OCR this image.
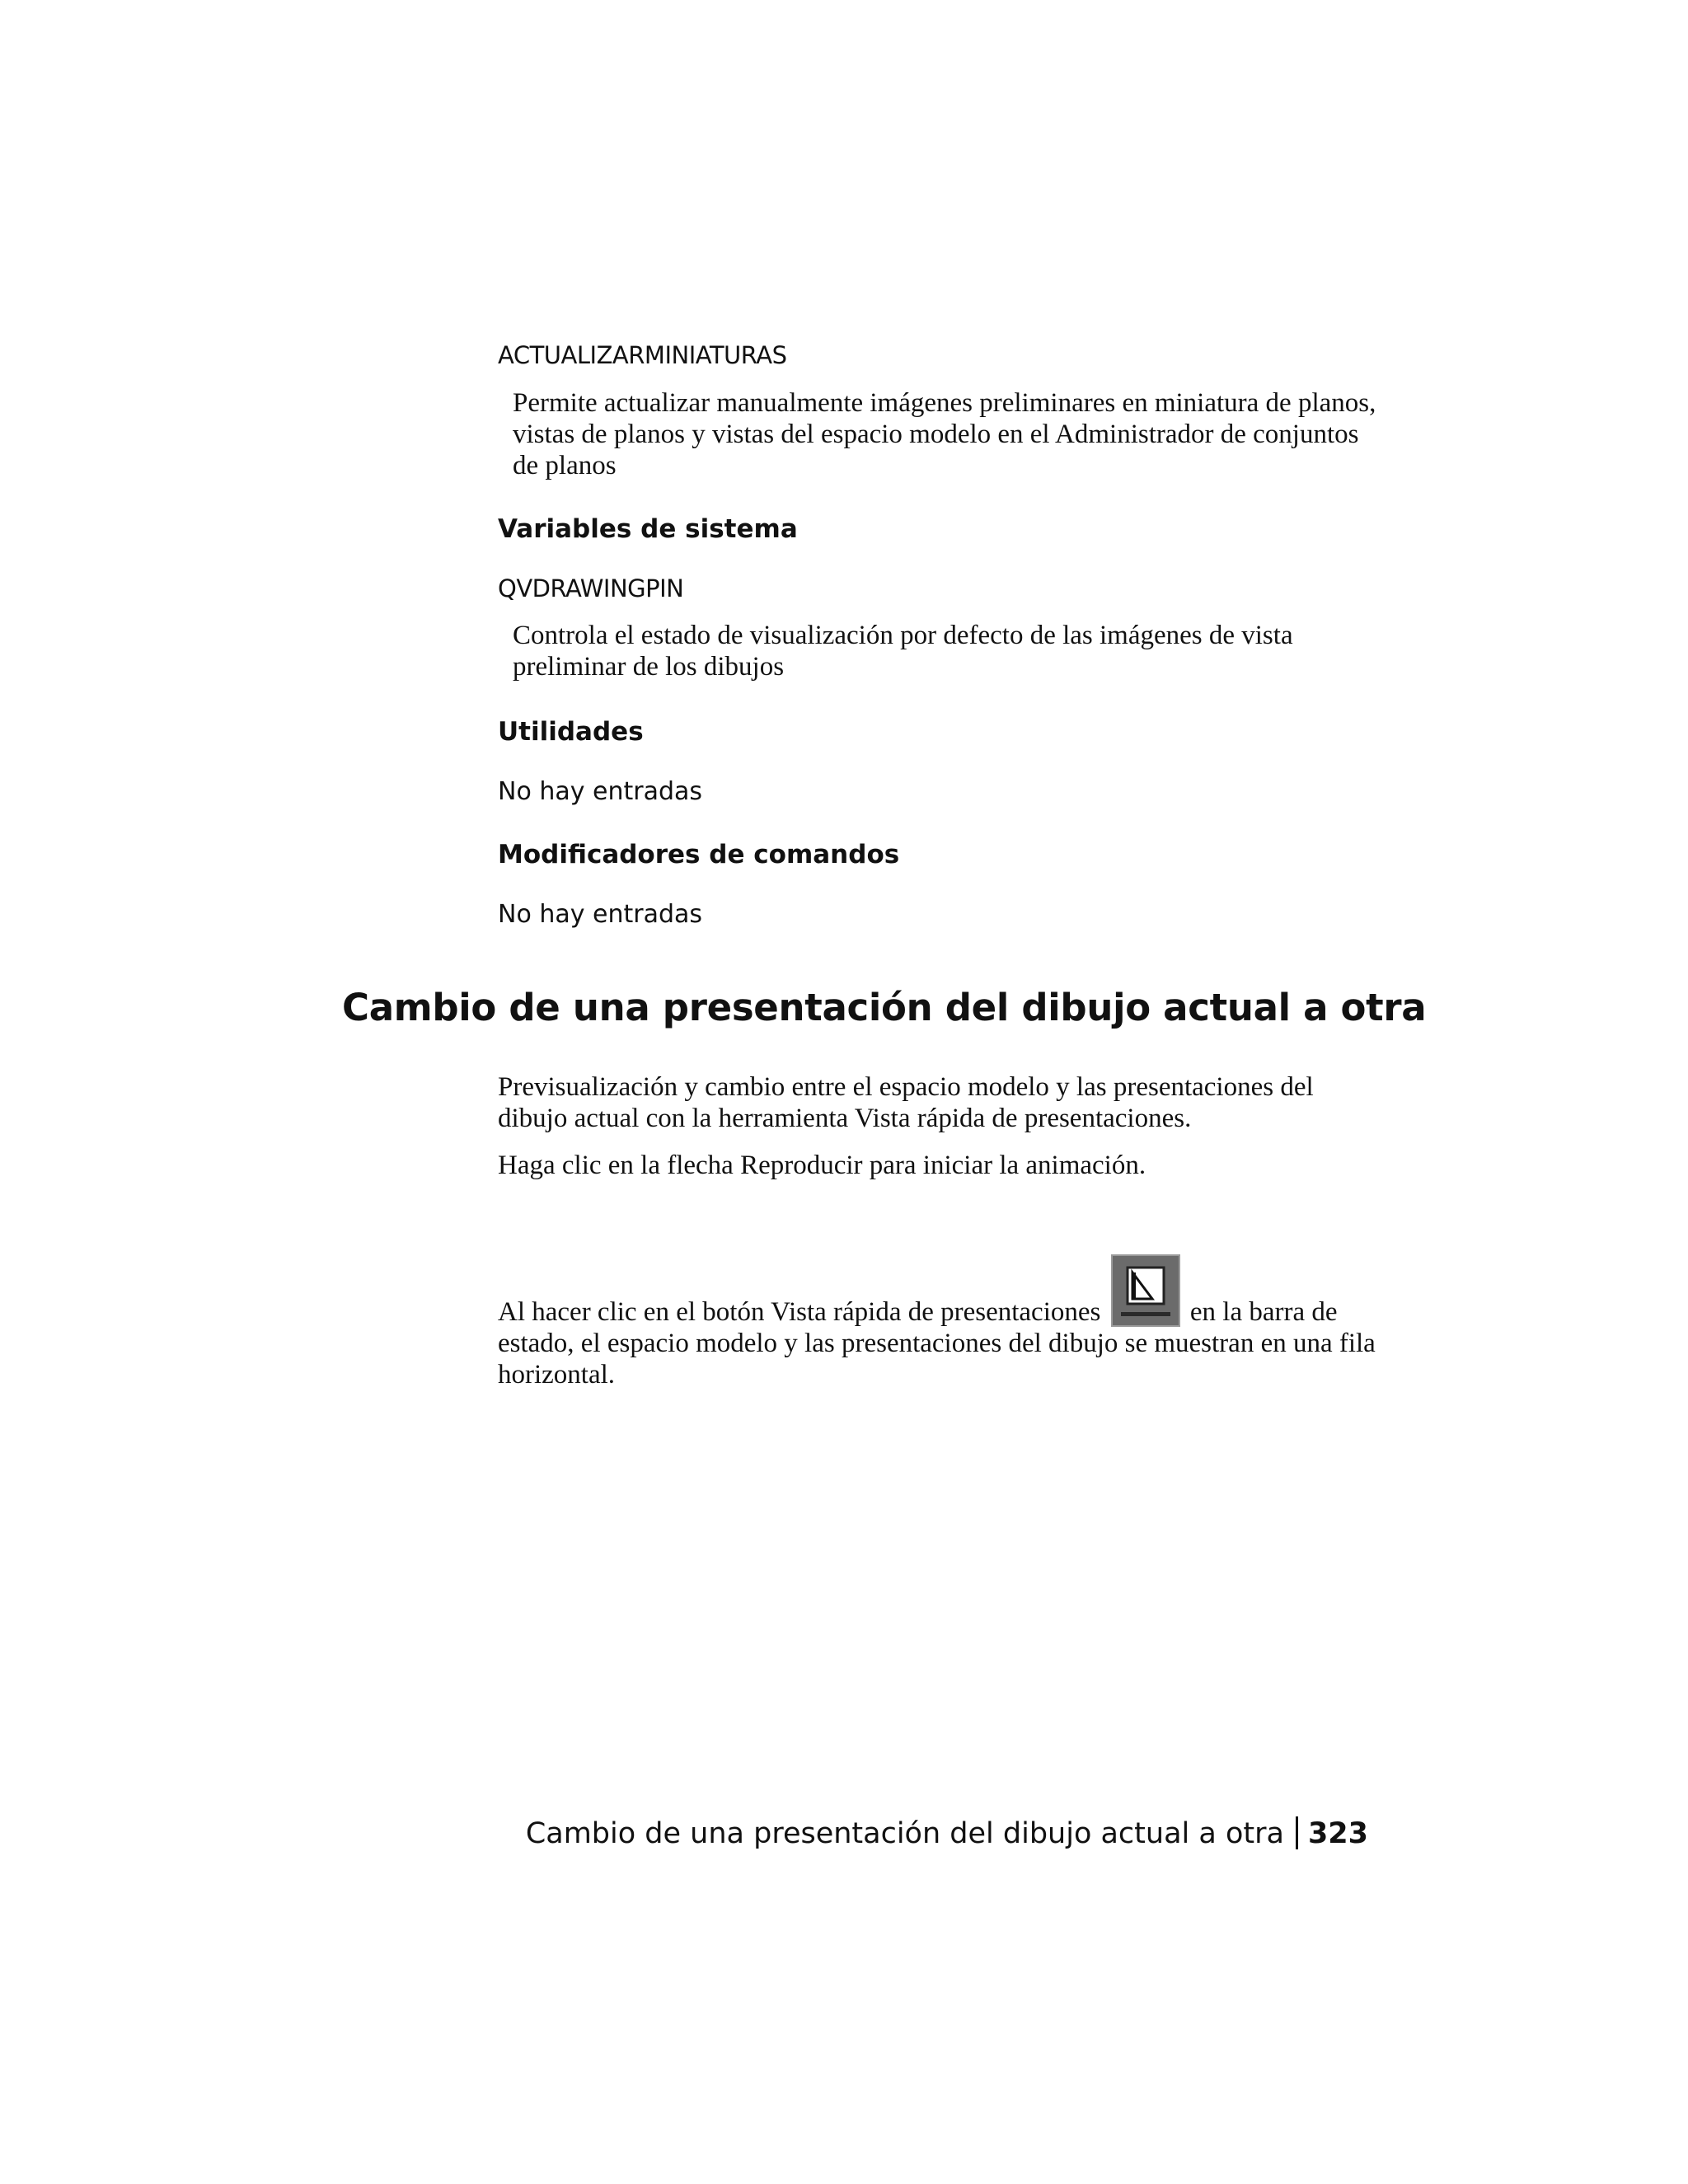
ACTUALIZARMINIATURAS
Permite actualizar manualmente imágenes preliminares en miniatura de planos, vistas de planos y vistas del espacio modelo en el Administrador de conjuntos de planos
Variables de sistema
QVDRAWINGPIN
Controla el estado de visualización por defecto de las imágenes de vista preliminar de los dibujos
Utilidades
No hay entradas
Modificadores de comandos
No hay entradas
Cambio de una presentación del dibujo actual a otra
Previsualización y cambio entre el espacio modelo y las presentaciones del dibujo actual con la herramienta Vista rápida de presentaciones.
Haga clic en la flecha Reproducir para iniciar la animación.
Al hacer clic en el botón Vista rápida de presentaciones	en la barra de estado, el espacio modelo y las presentaciones del dibujo se muestran en una fila horizontal.
Cambio de una presentación del dibujo actual a otra 323
